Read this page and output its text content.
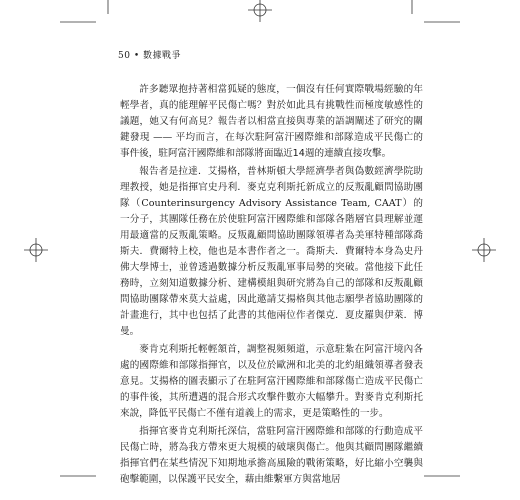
50 • 數據戰爭

許多聽眾抱持著相當狐疑的態度，一個沒有任何實際戰場經驗的年輕學者，真的能理解平民傷亡嗎？對於如此具有挑戰性而極度敏感性的議題，她又有何高見？報告者以相當直接與專業的語調闡述了研究的關鍵發現 —— 平均而言，在每次駐阿富汗國際維和部隊造成平民傷亡的事件後，駐阿富汗國際維和部隊將面臨近14週的連續直接攻擊。

報告者是拉達．艾揚格，普林斯頓大學經濟學者與偽數經濟學院助理教授，她是指揮官史丹利．麥克克利斯托新成立的反叛亂顧問協助團隊（Counterinsurgency Advisory Assistance Team, CAAT）的一分子，其團隊任務在於使駐阿富汗國際維和部隊各階層官員理解並運用最適當的反叛亂策略。反叛亂顧問協助團隊領導者為美軍特種部隊喬斯夫．費爾特上校，他也是本書作者之一。喬斯夫．費爾特本身為史丹佛大學博士，並曾透過數據分析反叛亂軍事局勢的突破。當他接下此任務時，立刻知道數據分析、建構模組與研究將為自己的部隊和反叛亂顧問協助團隊帶來莫大益處，因此邀請艾揚格與其他志願學者協助團隊的計畫進行，其中也包括了此書的其他兩位作者傑克．夏皮羅與伊萊．博曼。

麥肯克利斯托輕輕頷首，調整視頻頻道，示意駐紮在阿富汗境內各處的國際維和部隊指揮官，以及位於歐洲和北美的北約組織領導者發表意見。艾揚格的圖表顯示了在駐阿富汗國際維和部隊傷亡造成平民傷亡的事件後，其所遭遇的混合形式攻擊件數亦大幅攀升。對麥肯克利斯托來說，降低平民傷亡不僅有道義上的需求，更是策略性的一步。

指揮官麥肯克利斯托深信，當駐阿富汗國際維和部隊的行動造成平民傷亡時，將為我方帶來更大規模的破壞與傷亡。他與其顧問團隊繼續指揮官們在某些情況下知期地承擔高風險的戰術策略，好比縮小空襲與砲擊範圍，以保護平民安全，藉由維繫軍方與當地居
